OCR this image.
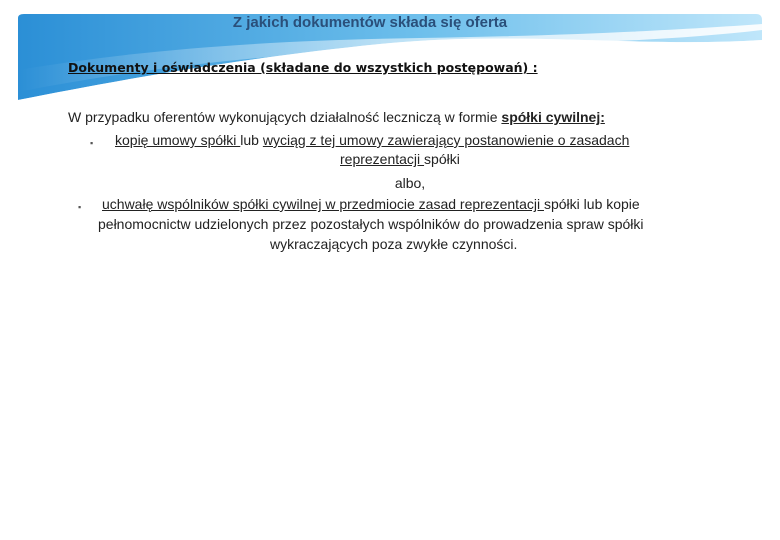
Z jakich dokumentów składa się oferta
Dokumenty i oświadczenia (składane do wszystkich postępowań) :
W przypadku oferentów wykonujących działalność leczniczą w formie spółki cywilnej:
▪ kopię umowy spółki lub wyciąg z tej umowy zawierający postanowienie o zasadach
reprezentacji spółki
albo,
▪ uchwałę wspólników spółki cywilnej w przedmiocie zasad reprezentacji spółki lub kopie
pełnomocnictw udzielonych przez pozostałych wspólników do prowadzenia spraw spółki
wykraczających poza zwykłe czynności.
